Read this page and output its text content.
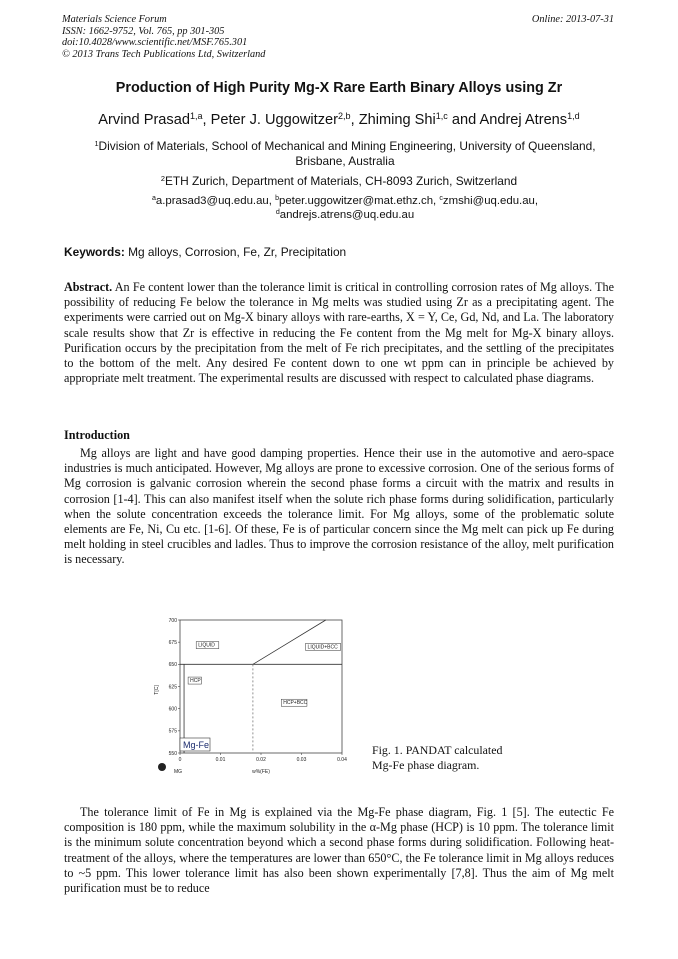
Materials Science Forum
ISSN: 1662-9752, Vol. 765, pp 301-305
doi:10.4028/www.scientific.net/MSF.765.301
© 2013 Trans Tech Publications Ltd, Switzerland
Online: 2013-07-31
Production of High Purity Mg-X Rare Earth Binary Alloys using Zr
Arvind Prasad$^{1,a}$, Peter J. Uggowitzer$^{2,b}$, Zhiming Shi$^{1,c}$ and Andrej Atrens$^{1,d}$
$^1$Division of Materials, School of Mechanical and Mining Engineering, University of Queensland, Brisbane, Australia
$^2$ETH Zurich, Department of Materials, CH-8093 Zurich, Switzerland
$^a$a.prasad3@uq.edu.au, $^b$peter.uggowitzer@mat.ethz.ch, $^c$zmshi@uq.edu.au,
$^d$andrejs.atrens@uq.edu.au
Keywords: Mg alloys, Corrosion, Fe, Zr, Precipitation
Abstract. An Fe content lower than the tolerance limit is critical in controlling corrosion rates of Mg alloys. The possibility of reducing Fe below the tolerance in Mg melts was studied using Zr as a precipitating agent. The experiments were carried out on Mg-X binary alloys with rare-earths, X = Y, Ce, Gd, Nd, and La. The laboratory scale results show that Zr is effective in reducing the Fe content from the Mg melt for Mg-X binary alloys. Purification occurs by the precipitation from the melt of Fe rich precipitates, and the settling of the precipitates to the bottom of the melt. Any desired Fe content down to one wt ppm can in principle be achieved by appropriate melt treatment. The experimental results are discussed with respect to calculated phase diagrams.
Introduction
Mg alloys are light and have good damping properties. Hence their use in the automotive and aero-space industries is much anticipated. However, Mg alloys are prone to excessive corrosion. One of the serious forms of Mg corrosion is galvanic corrosion wherein the second phase forms a circuit with the matrix and results in corrosion [1-4]. This can also manifest itself when the solute rich phase forms during solidification, particularly when the solute concentration exceeds the tolerance limit. For Mg alloys, some of the problematic solute elements are Fe, Ni, Cu etc. [1-6]. Of these, Fe is of particular concern since the Mg melt can pick up Fe during melt holding in steel crucibles and ladles. Thus to improve the corrosion resistance of the alloy, melt purification is necessary.
550
575
600
625
650
675
700
0	0.01	0.02	0.03	0.04
LIQUID	LIQUID+BCC
HCP
HCP+BCC
T[C]
w%(FE)
MG
Mg-Fe	Fig. 1. PANDAT calculated
Mg-Fe phase diagram.
The tolerance limit of Fe in Mg is explained via the Mg-Fe phase diagram, Fig. 1 [5]. The eutectic Fe composition is 180 ppm, while the maximum solubility in the α-Mg phase (HCP) is 10 ppm. The tolerance limit is the minimum solute concentration beyond which a second phase forms during solidification. Following heat-treatment of the alloys, where the temperatures are lower than 650°C, the Fe tolerance limit in Mg alloys reduces to ~5 ppm. This lower tolerance limit has also been shown experimentally [7,8]. Thus the aim of Mg melt purification must be to reduce
